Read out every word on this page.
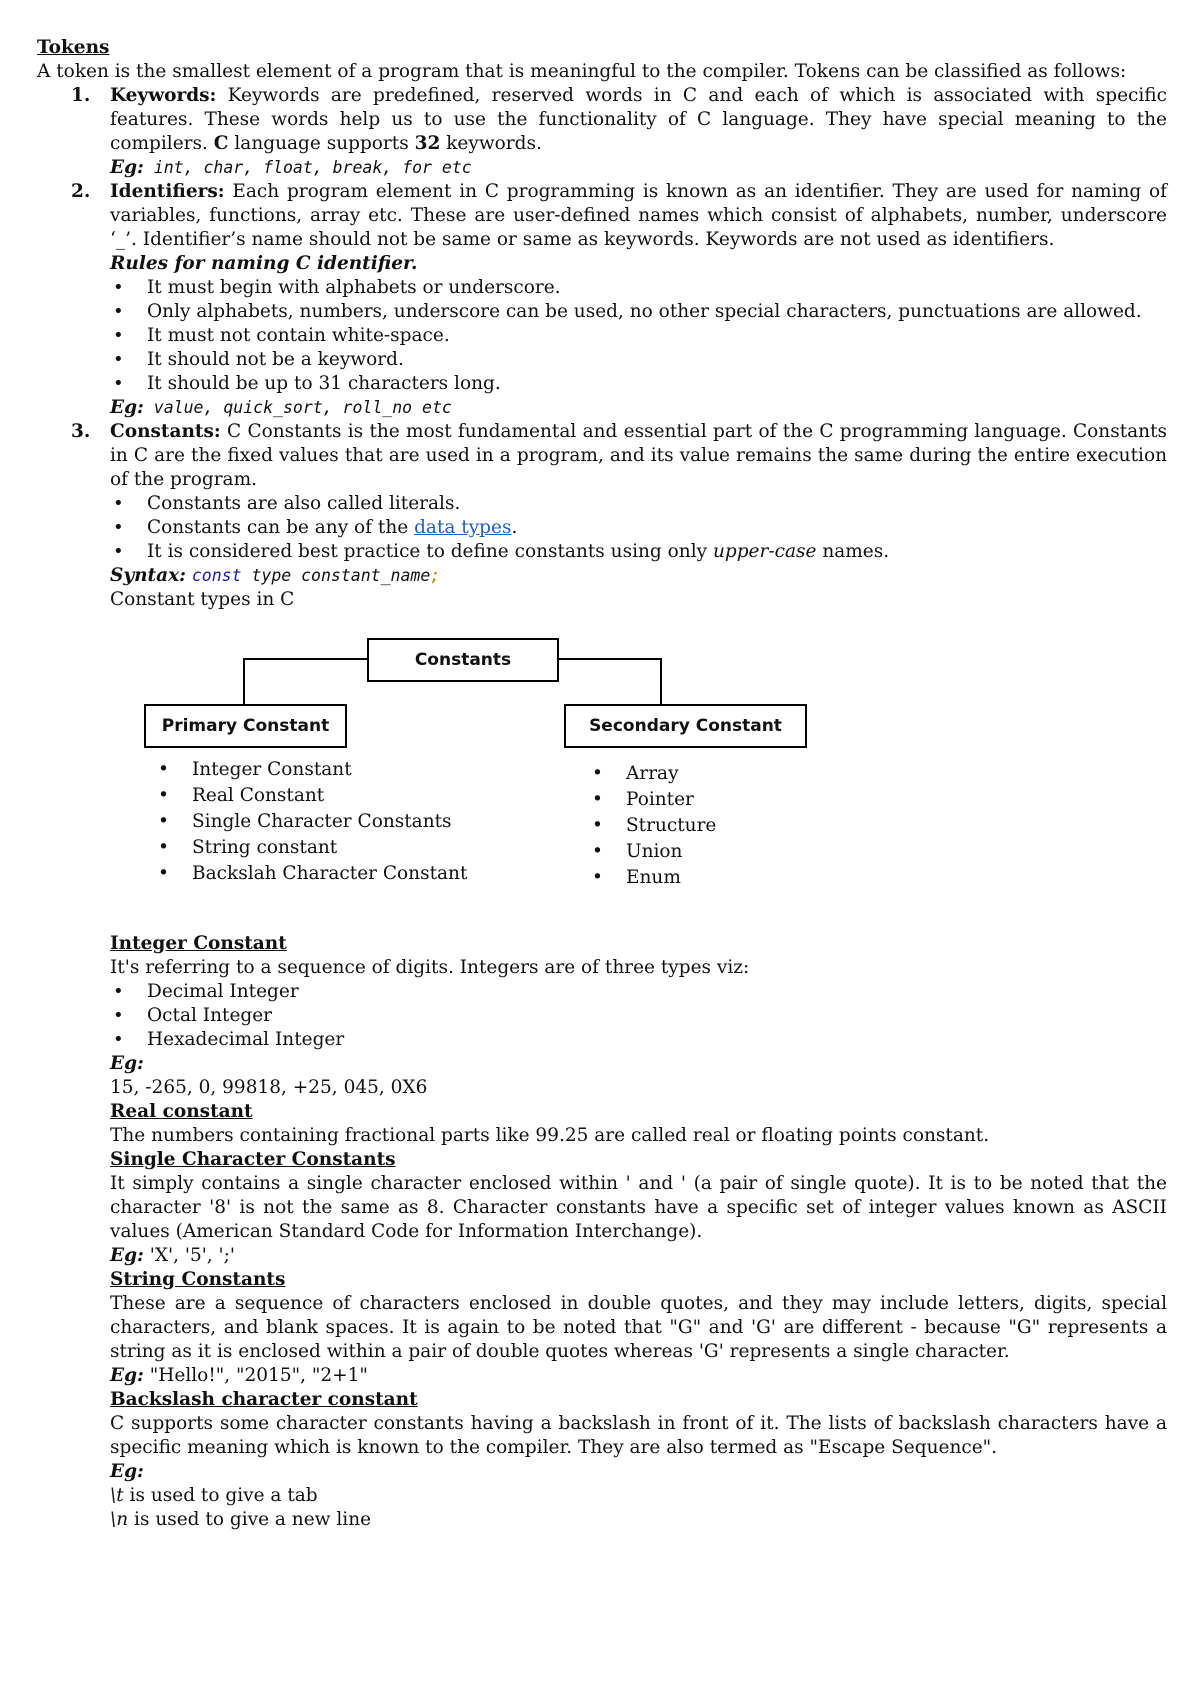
Tokens
A token is the smallest element of a program that is meaningful to the compiler. Tokens can be classified as follows:
1. Keywords: Keywords are predefined, reserved words in C and each of which is associated with specific features. These words help us to use the functionality of C language. They have special meaning to the compilers. C language supports 32 keywords.
Eg: int, char, float, break, for etc
2. Identifiers: Each program element in C programming is known as an identifier. They are used for naming of variables, functions, array etc. These are user-defined names which consist of alphabets, number, underscore ‘_’. Identifier’s name should not be same or same as keywords. Keywords are not used as identifiers.
Rules for naming C identifier.
• It must begin with alphabets or underscore.
• Only alphabets, numbers, underscore can be used, no other special characters, punctuations are allowed.
• It must not contain white-space.
• It should not be a keyword.
• It should be up to 31 characters long.
Eg: value, quick_sort, roll_no etc
3. Constants: C Constants is the most fundamental and essential part of the C programming language. Constants in C are the fixed values that are used in a program, and its value remains the same during the entire execution of the program.
• Constants are also called literals.
• Constants can be any of the data types.
• It is considered best practice to define constants using only upper-case names.
Syntax: const type constant_name;
Constant types in C
Constants
Primary Constant	Secondary Constant
• Integer Constant
• Real Constant
• Single Character Constants
• String constant
• Backslah Character Constant
• Array
• Pointer
• Structure
• Union
• Enum
Integer Constant
It's referring to a sequence of digits. Integers are of three types viz:
• Decimal Integer
• Octal Integer
• Hexadecimal Integer
Eg:
15, -265, 0, 99818, +25, 045, 0X6
Real constant
The numbers containing fractional parts like 99.25 are called real or floating points constant.
Single Character Constants
It simply contains a single character enclosed within ' and ' (a pair of single quote). It is to be noted that the character '8' is not the same as 8. Character constants have a specific set of integer values known as ASCII values (American Standard Code for Information Interchange).
Eg: 'X', '5', ';'
String Constants
These are a sequence of characters enclosed in double quotes, and they may include letters, digits, special characters, and blank spaces. It is again to be noted that "G" and 'G' are different - because "G" represents a string as it is enclosed within a pair of double quotes whereas 'G' represents a single character.
Eg: "Hello!", "2015", "2+1"
Backslash character constant
C supports some character constants having a backslash in front of it. The lists of backslash characters have a specific meaning which is known to the compiler. They are also termed as "Escape Sequence".
Eg:
\t is used to give a tab
\n is used to give a new line
